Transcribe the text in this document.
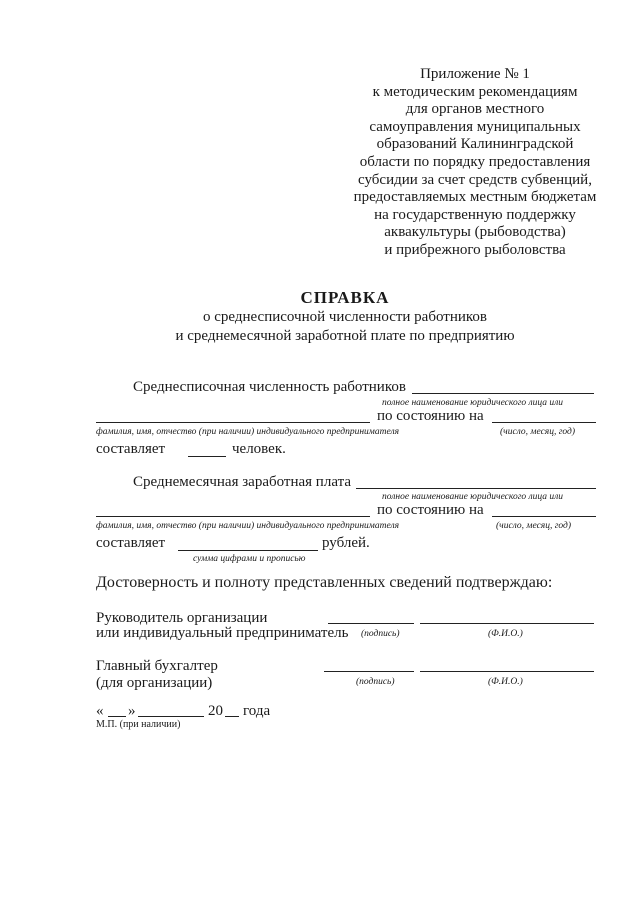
Приложение № 1
к методическим рекомендациям
для органов местного
самоуправления муниципальных
образований Калининградской
области по порядку предоставления
субсидии за счет средств субвенций,
предоставляемых местным бюджетам
на государственную поддержку
аквакультуры (рыбоводства)
и прибрежного рыболовства
СПРАВКА
о среднесписочной численности работников
и среднемесячной заработной плате по предприятию
Среднесписочная численность работников
полное наименование юридического лица или
по состоянию на
фамилия, имя, отчество (при наличии) индивидуального предпринимателя	(число, месяц, год)
составляет	человек.
Среднемесячная заработная плата
полное наименование юридического лица или
по состоянию на
фамилия, имя, отчество (при наличии) индивидуального предпринимателя	(число, месяц, год)
составляет	рублей.
сумма цифрами и прописью
Достоверность и полноту представленных сведений подтверждаю:
Руководитель организации
или индивидуальный предприниматель (подпись)	(Ф.И.О.)
Главный бухгалтер
(для организации)	(подпись)	(Ф.И.О.)
« »	20 года
М.П. (при наличии)
